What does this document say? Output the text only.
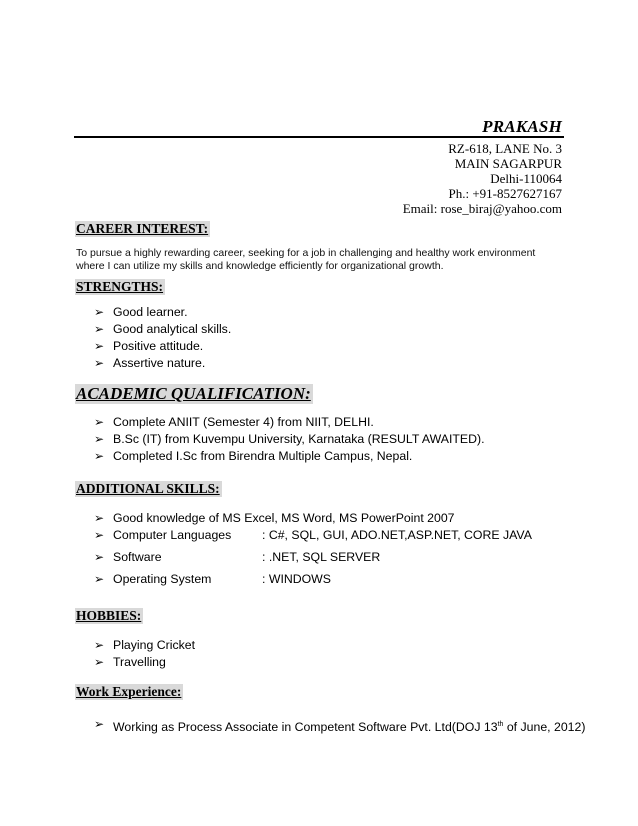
PRAKASH
RZ-618, LANE No. 3
MAIN SAGARPUR
Delhi-110064
Ph.: +91-8527627167
Email: rose_biraj@yahoo.com
CAREER INTEREST:
To pursue a highly rewarding career, seeking for a job in challenging and healthy work environment
where I can utilize my skills and knowledge efficiently for organizational growth.
STRENGTHS:
➢ Good learner.
➢ Good analytical skills.
➢ Positive attitude.
➢ Assertive nature.
ACADEMIC QUALIFICATION:
➢ Complete ANIIT (Semester 4) from NIIT, DELHI.
➢ B.Sc (IT) from Kuvempu University, Karnataka (RESULT AWAITED).
➢ Completed I.Sc from Birendra Multiple Campus, Nepal.
ADDITIONAL SKILLS:
➢ Good knowledge of MS Excel, MS Word, MS PowerPoint 2007
➢ Computer Languages : C#, SQL, GUI, ADO.NET,ASP.NET, CORE JAVA
➢ Software	: .NET, SQL SERVER
➢ Operating System	: WINDOWS
HOBBIES:
➢ Playing Cricket
➢ Travelling
Work Experience:
➢ Working as Process Associate in Competent Software Pvt. Ltd(DOJ 13th of June, 2012)
